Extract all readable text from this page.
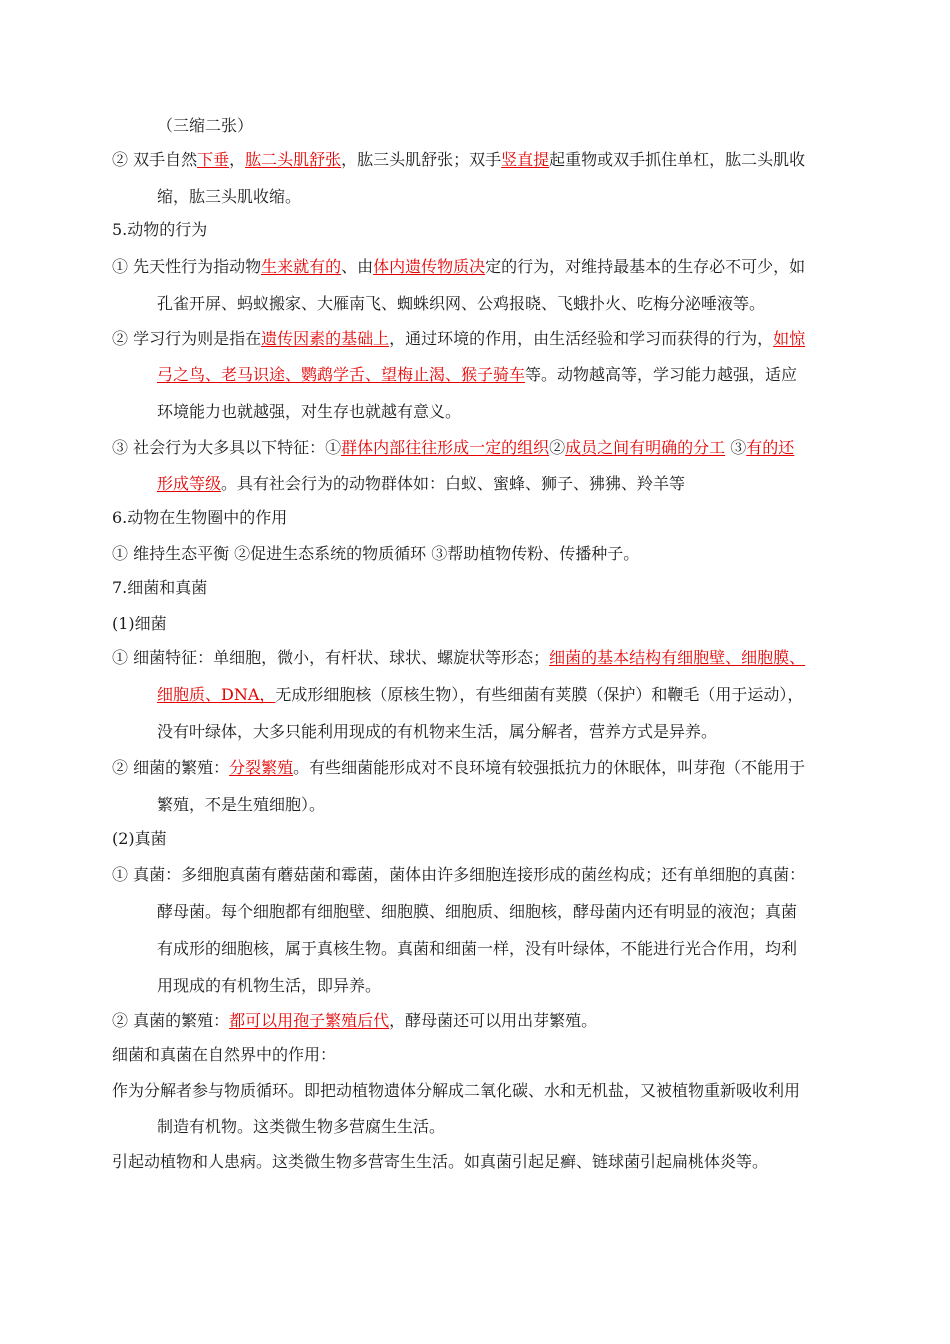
（三缩二张）
② 双手自然下垂，肱二头肌舒张，肱三头肌舒张；双手竖直提起重物或双手抓住单杠，肱二头肌收
缩，肱三头肌收缩。
5.动物的行为
① 先天性行为指动物生来就有的、由体内遗传物质决定的行为，对维持最基本的生存必不可少，如
孔雀开屏、蚂蚁搬家、大雁南飞、蜘蛛织网、公鸡报晓、飞蛾扑火、吃梅分泌唾液等。
② 学习行为则是指在遗传因素的基础上，通过环境的作用，由生活经验和学习而获得的行为，如惊
弓之鸟、老马识途、鹦鹉学舌、望梅止渴、猴子骑车等。动物越高等，学习能力越强，适应
环境能力也就越强，对生存也就越有意义。
③ 社会行为大多具以下特征：①群体内部往往形成一定的组织②成员之间有明确的分工 ③有的还
形成等级。具有社会行为的动物群体如：白蚁、蜜蜂、狮子、狒狒、羚羊等
6.动物在生物圈中的作用
① 维持生态平衡 ②促进生态系统的物质循环 ③帮助植物传粉、传播种子。
7.细菌和真菌
(1)细菌
① 细菌特征：单细胞，微小，有杆状、球状、螺旋状等形态；细菌的基本结构有细胞壁、细胞膜、
细胞质、DNA，无成形细胞核（原核生物），有些细菌有荚膜（保护）和鞭毛（用于运动），
没有叶绿体，大多只能利用现成的有机物来生活，属分解者，营养方式是异养。
② 细菌的繁殖：分裂繁殖。有些细菌能形成对不良环境有较强抵抗力的休眠体，叫芽孢（不能用于
繁殖，不是生殖细胞）。
(2)真菌
① 真菌：多细胞真菌有蘑菇菌和霉菌，菌体由许多细胞连接形成的菌丝构成；还有单细胞的真菌：
酵母菌。每个细胞都有细胞壁、细胞膜、细胞质、细胞核，酵母菌内还有明显的液泡；真菌
有成形的细胞核，属于真核生物。真菌和细菌一样，没有叶绿体，不能进行光合作用，均利
用现成的有机物生活，即异养。
② 真菌的繁殖：都可以用孢子繁殖后代，酵母菌还可以用出芽繁殖。
细菌和真菌在自然界中的作用：
作为分解者参与物质循环。即把动植物遗体分解成二氧化碳、水和无机盐，又被植物重新吸收利用
制造有机物。这类微生物多营腐生生活。
引起动植物和人患病。这类微生物多营寄生生活。如真菌引起足癣、链球菌引起扁桃体炎等。
